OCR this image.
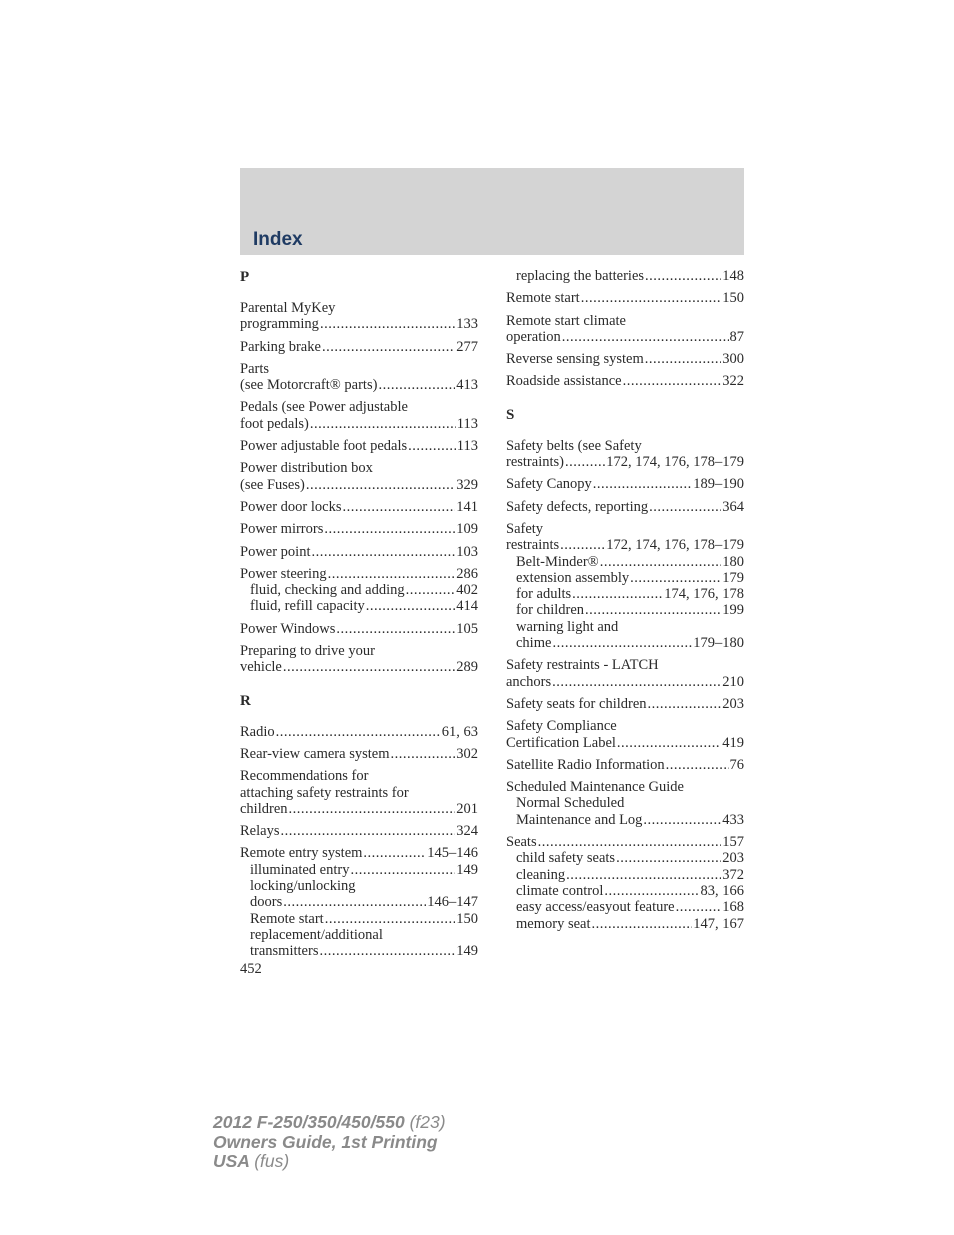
Index
P
Parental MyKey
programming .....	133
Parking brake .....	277
Parts
(see Motorcraft® parts) .....	413
Pedals (see Power adjustable
foot pedals) .....	113
Power adjustable foot pedals .....	113
Power distribution box
(see Fuses) .....	329
Power door locks .....	141
Power mirrors .....	109
Power point .....	103
Power steering .....	286
fluid, checking and adding .....	402
fluid, refill capacity .....	414
Power Windows .....	105
Preparing to drive your
vehicle .....	289
R
Radio .....	61, 63
Rear-view camera system .....	302
Recommendations for
attaching safety restraints for
children .....	201
Relays .....	324
Remote entry system .....	145–146
illuminated entry .....	149
locking/unlocking
doors .....	146–147
Remote start .....	150
replacement/additional
transmitters .....	149
replacing the batteries .....	148
Remote start .....	150
Remote start climate
operation .....	87
Reverse sensing system .....	300
Roadside assistance .....	322
S
Safety belts (see Safety
restraints) .....	172, 174, 176, 178–179
Safety Canopy .....	189–190
Safety defects, reporting .....	364
Safety
restraints .....	172, 174, 176, 178–179
Belt-Minder® .....	180
extension assembly .....	179
for adults .....	174, 176, 178
for children .....	199
warning light and
chime .....	179–180
Safety restraints - LATCH
anchors .....	210
Safety seats for children .....	203
Safety Compliance
Certification Label .....	419
Satellite Radio Information .....	76
Scheduled Maintenance Guide
Normal Scheduled
Maintenance and Log .....	433
Seats .....	157
child safety seats .....	203
cleaning .....	372
climate control .....	83, 166
easy access/easyout feature .....	168
memory seat .....	147, 167
452
2012 F-250/350/450/550 (f23)
Owners Guide, 1st Printing
USA (fus)
